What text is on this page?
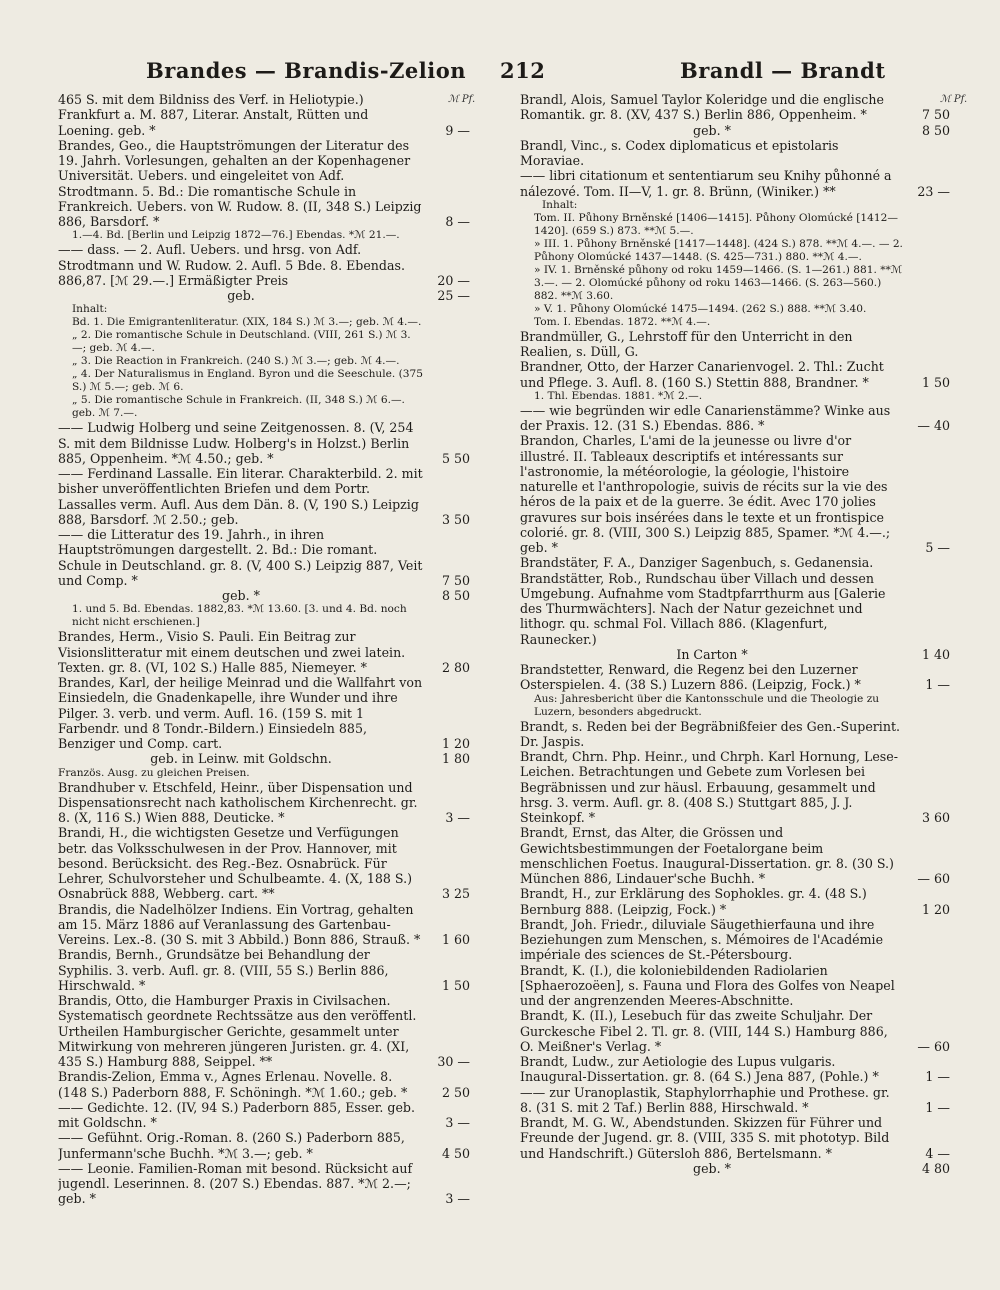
Brandes — Brandis-Zelion 212	Brandl — Brandt
ℳ Pf.	ℳ Pf.
465 S. mit dem Bildniss des Verf. in Heliotypie.) Frankfurt a. M. 887, Literar. Anstalt, Rütten und Loening. geb. *	9 —
Brandes, Geo., die Hauptströmungen der Literatur des 19. Jahrh. Vorlesungen, gehalten an der Kopenhagener Universität. Uebers. und eingeleitet von Adf. Strodtmann. 5. Bd.: Die romantische Schule in Frankreich. Uebers. von W. Rudow. 8. (II, 348 S.) Leipzig 886, Barsdorf. *	8 —
1.—4. Bd. [Berlin und Leipzig 1872—76.] Ebendas. *ℳ 21.—.
—— dass. — 2. Aufl. Uebers. und hrsg. von Adf. Strodtmann und W. Rudow. 2. Aufl. 5 Bde. 8. Ebendas. 886,87. [ℳ 29.—.] Ermäßigter Preis	20 —
geb.	25 —
Inhalt:
Bd. 1. Die Emigrantenliteratur. (XIX, 184 S.) ℳ 3.—; geb. ℳ 4.—.
„ 2. Die romantische Schule in Deutschland. (VIII, 261 S.) ℳ 3.—; geb. ℳ 4.—.
„ 3. Die Reaction in Frankreich. (240 S.) ℳ 3.—; geb. ℳ 4.—.
„ 4. Der Naturalismus in England. Byron und die Seeschule. (375 S.) ℳ 5.—; geb. ℳ 6.
„ 5. Die romantische Schule in Frankreich. (II, 348 S.) ℳ 6.—. geb. ℳ 7.—.
—— Ludwig Holberg und seine Zeitgenossen. 8. (V, 254 S. mit dem Bildnisse Ludw. Holberg's in Holzst.) Berlin 885, Oppenheim. *ℳ 4.50.; geb. *	5 50
—— Ferdinand Lassalle. Ein literar. Charakterbild. 2. mit bisher unveröffentlichten Briefen und dem Portr. Lassalles verm. Aufl. Aus dem Dän. 8. (V, 190 S.) Leipzig 888, Barsdorf. ℳ 2.50.; geb.	3 50
—— die Litteratur des 19. Jahrh., in ihren Hauptströmungen dargestellt. 2. Bd.: Die romant. Schule in Deutschland. gr. 8. (V, 400 S.) Leipzig 887, Veit und Comp. *	7 50
geb. *	8 50
1. und 5. Bd. Ebendas. 1882,83. *ℳ 13.60. [3. und 4. Bd. noch nicht nicht erschienen.]
Brandes, Herm., Visio S. Pauli. Ein Beitrag zur Visionslitteratur mit einem deutschen und zwei latein. Texten. gr. 8. (VI, 102 S.) Halle 885, Niemeyer. *	2 80
Brandes, Karl, der heilige Meinrad und die Wallfahrt von Einsiedeln, die Gnadenkapelle, ihre Wunder und ihre Pilger. 3. verb. und verm. Aufl. 16. (159 S. mit 1 Farbendr. und 8 Tondr.-Bildern.) Einsiedeln 885, Benziger und Comp. cart.	1 20
geb. in Leinw. mit Goldschn.	1 80
Französ. Ausg. zu gleichen Preisen.
Brandhuber v. Etschfeld, Heinr., über Dispensation und Dispensationsrecht nach katholischem Kirchenrecht. gr. 8. (X, 116 S.) Wien 888, Deuticke. *	3 —
Brandi, H., die wichtigsten Gesetze und Verfügungen betr. das Volksschulwesen in der Prov. Hannover, mit besond. Berücksicht. des Reg.-Bez. Osnabrück. Für Lehrer, Schulvorsteher und Schulbeamte. 4. (X, 188 S.) Osnabrück 888, Webberg. cart. **	3 25
Brandis, die Nadelhölzer Indiens. Ein Vortrag, gehalten am 15. März 1886 auf Veranlassung des Gartenbau-Vereins. Lex.-8. (30 S. mit 3 Abbild.) Bonn 886, Strauß. *	1 60
Brandis, Bernh., Grundsätze bei Behandlung der Syphilis. 3. verb. Aufl. gr. 8. (VIII, 55 S.) Berlin 886, Hirschwald. *	1 50
Brandis, Otto, die Hamburger Praxis in Civilsachen. Systematisch geordnete Rechtssätze aus den veröffentl. Urtheilen Hamburgischer Gerichte, gesammelt unter Mitwirkung von mehreren jüngeren Juristen. gr. 4. (XI, 435 S.) Hamburg 888, Seippel. **	30 —
Brandis-Zelion, Emma v., Agnes Erlenau. Novelle. 8. (148 S.) Paderborn 888, F. Schöningh. *ℳ 1.60.; geb. *	2 50
—— Gedichte. 12. (IV, 94 S.) Paderborn 885, Esser. geb. mit Goldschn. *	3 —
—— Gefühnt. Orig.-Roman. 8. (260 S.) Paderborn 885, Junfermann'sche Buchh. *ℳ 3.—; geb. *	4 50
—— Leonie. Familien-Roman mit besond. Rücksicht auf jugendl. Leserinnen. 8. (207 S.) Ebendas. 887. *ℳ 2.—; geb. *	3 —
Brandl, Alois, Samuel Taylor Koleridge und die englische Romantik. gr. 8. (XV, 437 S.) Berlin 886, Oppenheim. *	7 50
geb. *	8 50
Brandl, Vinc., s. Codex diplomaticus et epistolaris Moraviae.
—— libri citationum et sententiarum seu Knihy půhonné a nálezové. Tom. II—V, 1. gr. 8. Brünn, (Winiker.) **	23 —
Inhalt:
Tom. II. Půhony Brněnské [1406—1415]. Půhony Olomúcké [1412—1420]. (659 S.) 873. **ℳ 5.—.
» III. 1. Půhony Brněnské [1417—1448]. (424 S.) 878. **ℳ 4.—. — 2. Půhony Olomúcké 1437—1448. (S. 425—731.) 880. **ℳ 4.—.
» IV. 1. Brněnské půhony od roku 1459—1466. (S. 1—261.) 881. **ℳ 3.—. — 2. Olomúcké půhony od roku 1463—1466. (S. 263—560.) 882. **ℳ 3.60.
» V. 1. Půhony Olomúcké 1475—1494. (262 S.) 888. **ℳ 3.40.
Tom. I. Ebendas. 1872. **ℳ 4.—.
Brandmüller, G., Lehrstoff für den Unterricht in den Realien, s. Düll, G.
Brandner, Otto, der Harzer Canarienvogel. 2. Thl.: Zucht und Pflege. 3. Aufl. 8. (160 S.) Stettin 888, Brandner. *	1 50
1. Thl. Ebendas. 1881. *ℳ 2.—.
—— wie begründen wir edle Canarienstämme? Winke aus der Praxis. 12. (31 S.) Ebendas. 886. *	— 40
Brandon, Charles, L'ami de la jeunesse ou livre d'or illustré. II. Tableaux descriptifs et intéressants sur l'astronomie, la météorologie, la géologie, l'histoire naturelle et l'anthropologie, suivis de récits sur la vie des héros de la paix et de la guerre. 3e édit. Avec 170 jolies gravures sur bois insérées dans le texte et un frontispice colorié. gr. 8. (VIII, 300 S.) Leipzig 885, Spamer. *ℳ 4.—.; geb. *	5 —
Brandstäter, F. A., Danziger Sagenbuch, s. Gedanensia.
Brandstätter, Rob., Rundschau über Villach und dessen Umgebung. Aufnahme vom Stadtpfarrthurm aus [Galerie des Thurmwächters]. Nach der Natur gezeichnet und lithogr. qu. schmal Fol. Villach 886. (Klagenfurt, Raunecker.)
In Carton *	1 40
Brandstetter, Renward, die Regenz bei den Luzerner Osterspielen. 4. (38 S.) Luzern 886. (Leipzig, Fock.) *	1 —
Aus: Jahresbericht über die Kantonsschule und die Theologie zu Luzern, besonders abgedruckt.
Brandt, s. Reden bei der Begräbnißfeier des Gen.-Superint. Dr. Jaspis.
Brandt, Chrn. Php. Heinr., und Chrph. Karl Hornung, Lese-Leichen. Betrachtungen und Gebete zum Vorlesen bei Begräbnissen und zur häusl. Erbauung, gesammelt und hrsg. 3. verm. Aufl. gr. 8. (408 S.) Stuttgart 885, J. J. Steinkopf. *	3 60
Brandt, Ernst, das Alter, die Grössen und Gewichtsbestimmungen der Foetalorgane beim menschlichen Foetus. Inaugural-Dissertation. gr. 8. (30 S.) München 886, Lindauer'sche Buchh. *	— 60
Brandt, H., zur Erklärung des Sophokles. gr. 4. (48 S.) Bernburg 888. (Leipzig, Fock.) *	1 20
Brandt, Joh. Friedr., diluviale Säugethierfauna und ihre Beziehungen zum Menschen, s. Mémoires de l'Académie impériale des sciences de St.-Pétersbourg.
Brandt, K. (I.), die koloniebildenden Radiolarien [Sphaerozoëen], s. Fauna und Flora des Golfes von Neapel und der angrenzenden Meeres-Abschnitte.
Brandt, K. (II.), Lesebuch für das zweite Schuljahr. Der Gurckesche Fibel 2. Tl. gr. 8. (VIII, 144 S.) Hamburg 886, O. Meißner's Verlag. *	— 60
Brandt, Ludw., zur Aetiologie des Lupus vulgaris. Inaugural-Dissertation. gr. 8. (64 S.) Jena 887, (Pohle.) *	1 —
—— zur Uranoplastik, Staphylorrhaphie und Prothese. gr. 8. (31 S. mit 2 Taf.) Berlin 888, Hirschwald. *	1 —
Brandt, M. G. W., Abendstunden. Skizzen für Führer und Freunde der Jugend. gr. 8. (VIII, 335 S. mit phototyp. Bild und Handschrift.) Gütersloh 886, Bertelsmann. *	4 —
geb. *	4 80
